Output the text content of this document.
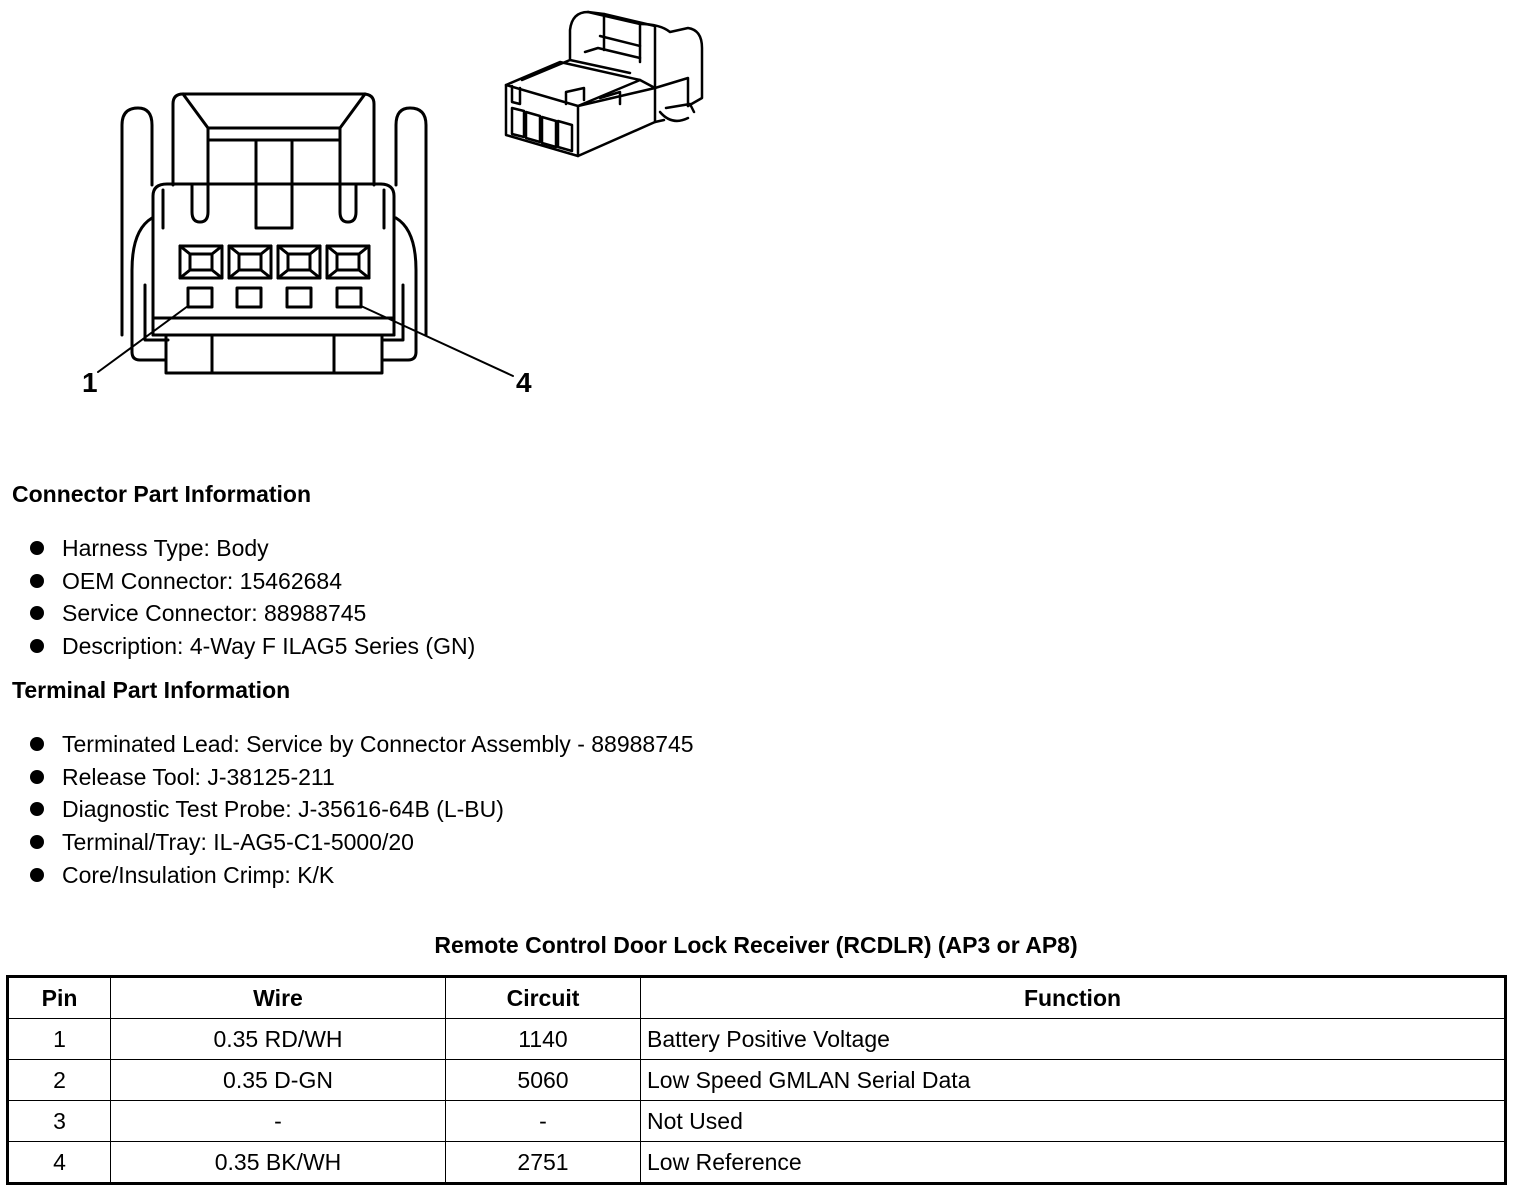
1	4
Connector Part Information
Harness Type: Body
OEM Connector: 15462684
Service Connector: 88988745
Description: 4-Way F ILAG5 Series (GN)
Terminal Part Information
Terminated Lead: Service by Connector Assembly - 88988745
Release Tool: J-38125-211
Diagnostic Test Probe: J-35616-64B (L-BU)
Terminal/Tray: IL-AG5-C1-5000/20
Core/Insulation Crimp: K/K
Remote Control Door Lock Receiver (RCDLR) (AP3 or AP8)
Pin	Wire	Circuit	Function
1	0.35 RD/WH	1140	Battery Positive Voltage
2	0.35 D-GN	5060	Low Speed GMLAN Serial Data
3	-	-	Not Used
4	0.35 BK/WH	2751	Low Reference
